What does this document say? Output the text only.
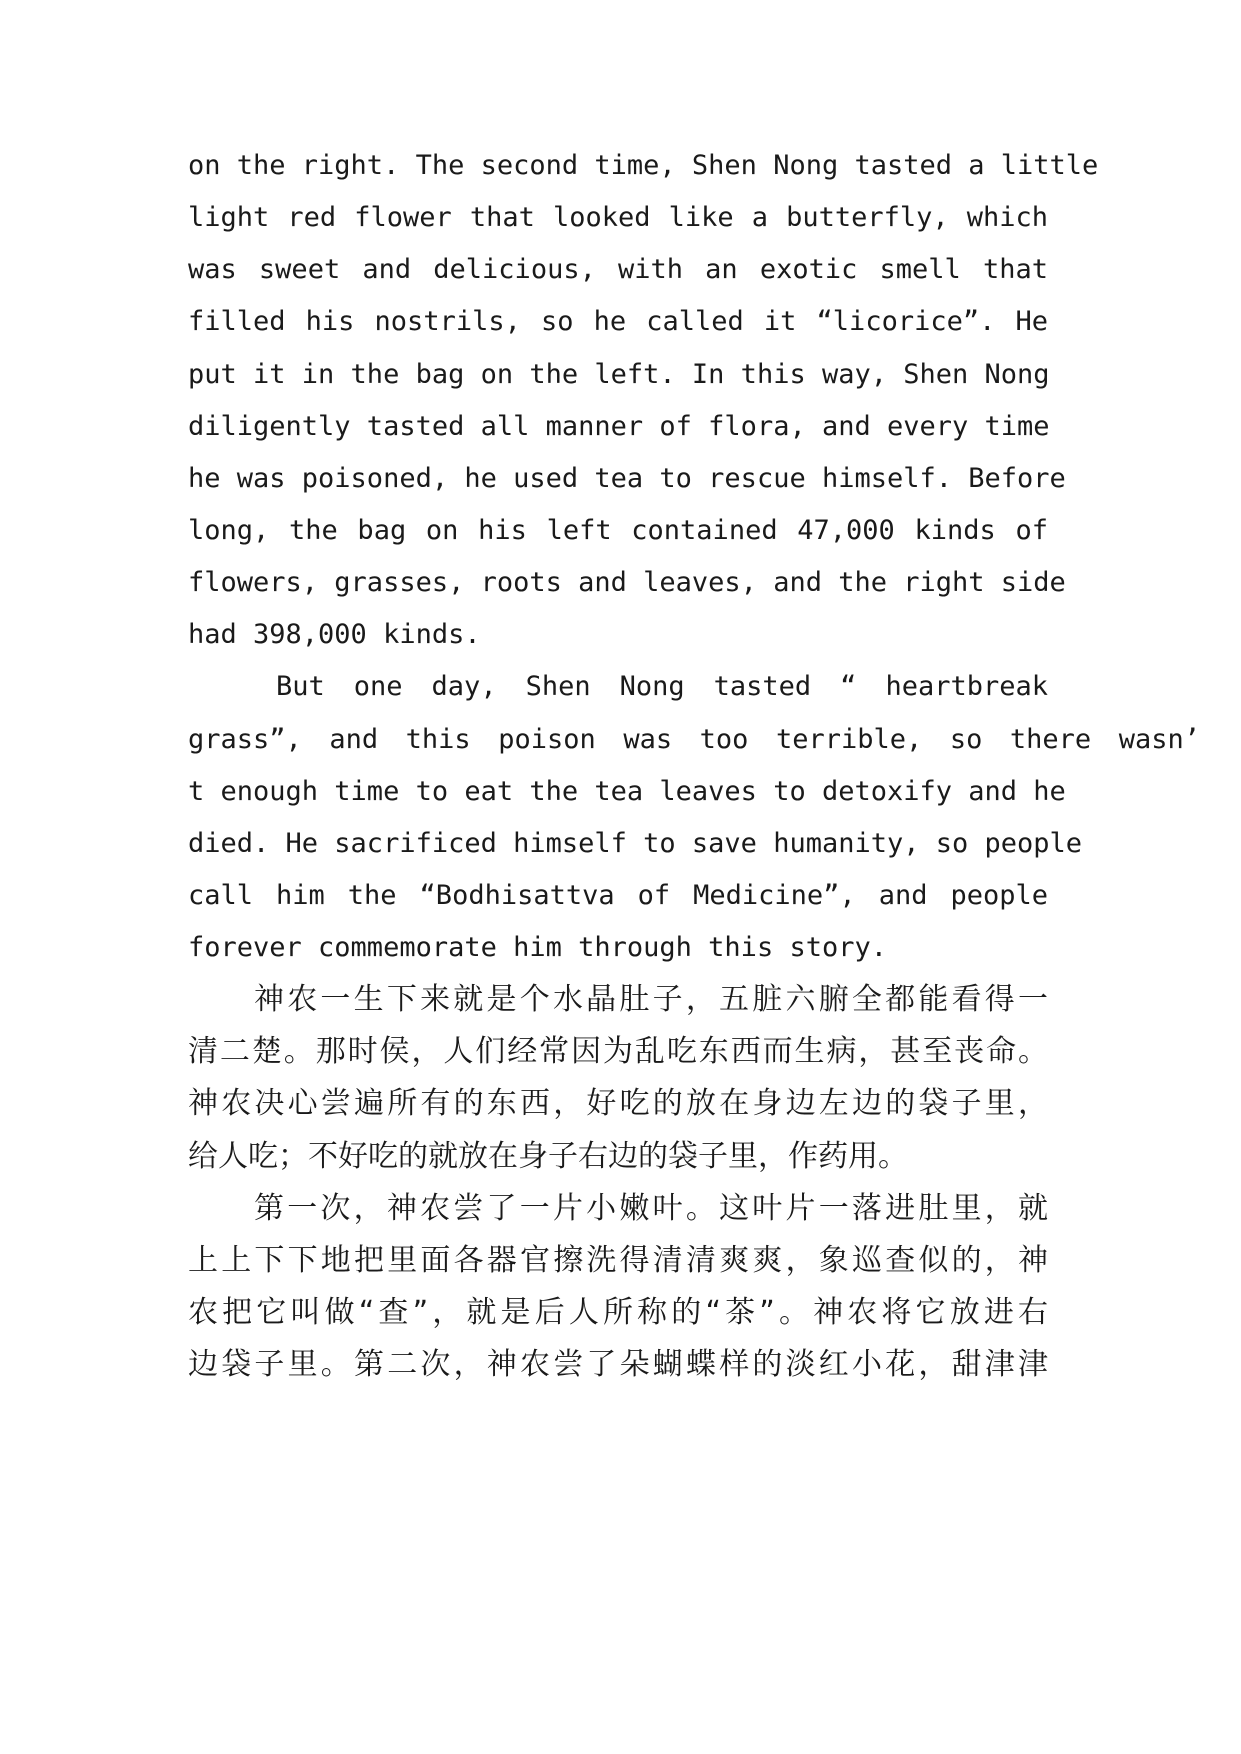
on the right. The second time, Shen Nong tasted a little
light red flower that looked like a butterfly, which
was sweet and delicious, with an exotic smell that
filled his nostrils, so he called it “licorice”. He
put it in the bag on the left. In this way, Shen Nong
diligently tasted all manner of flora, and every time
he was poisoned, he used tea to rescue himself. Before
long, the bag on his left contained 47,000 kinds of
flowers, grasses, roots and leaves, and the right side
had 398,000 kinds.
But one day, Shen Nong tasted “ heartbreak
grass”, and this poison was too terrible, so there wasn’
t enough time to eat the tea leaves to detoxify and he
died. He sacrificed himself to save humanity, so people
call him the “Bodhisattva of Medicine”, and people
forever commemorate him through this story.
神农一生下来就是个水晶肚子，五脏六腑全都能看得一
清二楚。那时侯，人们经常因为乱吃东西而生病，甚至丧命。
神农决心尝遍所有的东西，好吃的放在身边左边的袋子里，
给人吃；不好吃的就放在身子右边的袋子里，作药用。
第一次，神农尝了一片小嫩叶。这叶片一落进肚里，就
上上下下地把里面各器官擦洗得清清爽爽，象巡查似的，神
农把它叫做“查”，就是后人所称的“茶”。神农将它放进右
边袋子里。第二次，神农尝了朵蝴蝶样的淡红小花，甜津津
